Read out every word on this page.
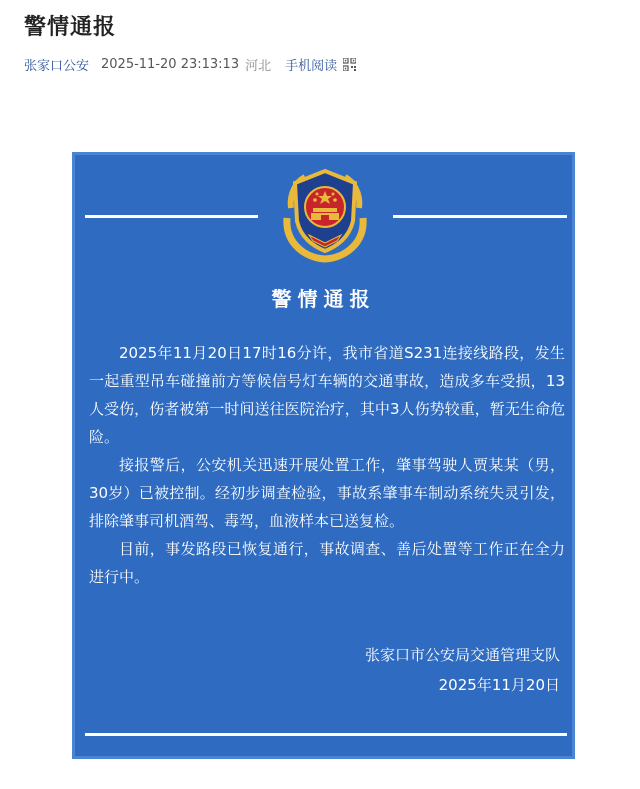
警情通报
张家口公安 2025-11-20 23:13:13 河北 手机阅读
警情通报

2025年11月20日17时16分许，我市省道S231连接线路段，发生一起重型吊车碰撞前方等候信号灯车辆的交通事故，造成多车受损，13人受伤，伤者被第一时间送往医院治疗，其中3人伤势较重，暂无生命危险。

接报警后，公安机关迅速开展处置工作，肇事驾驶人贾某某（男，30岁）已被控制。经初步调查检验，事故系肇事车制动系统失灵引发，排除肇事司机酒驾、毒驾，血液样本已送复检。

目前，事发路段已恢复通行，事故调查、善后处置等工作正在全力进行中。

张家口市公安局交通管理支队
2025年11月20日
